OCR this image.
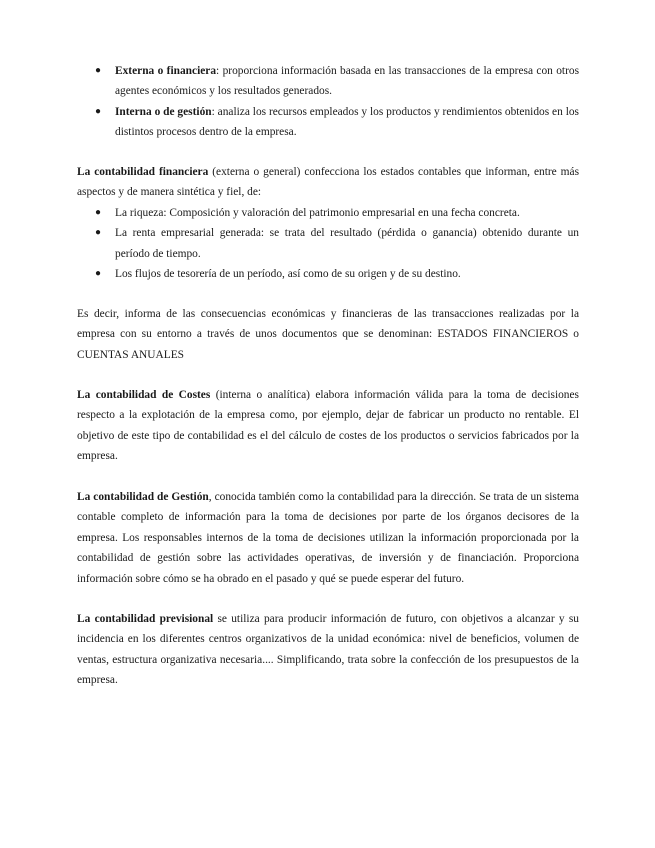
● Externa o financiera: proporciona información basada en las transacciones de la empresa con otros agentes económicos y los resultados generados.
● Interna o de gestión: analiza los recursos empleados y los productos y rendimientos obtenidos en los distintos procesos dentro de la empresa.

La contabilidad financiera (externa o general) confecciona los estados contables que informan, entre más aspectos y de manera sintética y fiel, de:

● La riqueza: Composición y valoración del patrimonio empresarial en una fecha concreta.
● La renta empresarial generada: se trata del resultado (pérdida o ganancia) obtenido durante un período de tiempo.
● Los flujos de tesorería de un período, así como de su origen y de su destino.

Es decir, informa de las consecuencias económicas y financieras de las transacciones realizadas por la empresa con su entorno a través de unos documentos que se denominan: ESTADOS FINANCIEROS o CUENTAS ANUALES

La contabilidad de Costes (interna o analítica) elabora información válida para la toma de decisiones respecto a la explotación de la empresa como, por ejemplo, dejar de fabricar un producto no rentable. El objetivo de este tipo de contabilidad es el del cálculo de costes de los productos o servicios fabricados por la empresa.

La contabilidad de Gestión, conocida también como la contabilidad para la dirección. Se trata de un sistema contable completo de información para la toma de decisiones por parte de los órganos decisores de la empresa. Los responsables internos de la toma de decisiones utilizan la información proporcionada por la contabilidad de gestión sobre las actividades operativas, de inversión y de financiación. Proporciona información sobre cómo se ha obrado en el pasado y qué se puede esperar del futuro.

La contabilidad previsional se utiliza para producir información de futuro, con objetivos a alcanzar y su incidencia en los diferentes centros organizativos de la unidad económica: nivel de beneficios, volumen de ventas, estructura organizativa necesaria.... Simplificando, trata sobre la confección de los presupuestos de la empresa.
